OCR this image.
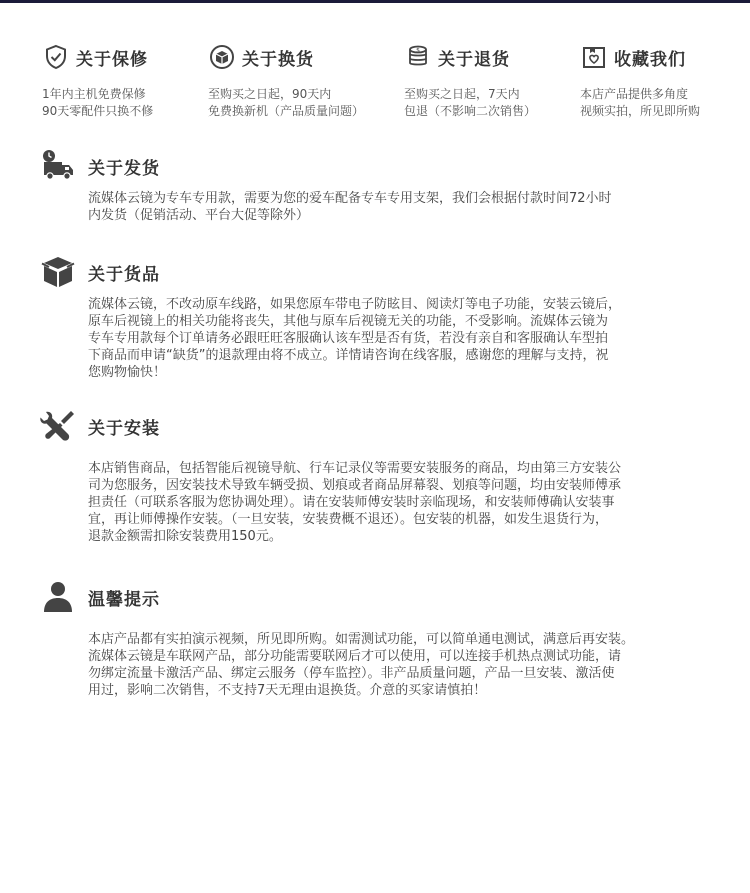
关于保修
1年内主机免费保修
90天零配件只换不修
关于换货
至购买之日起，90天内
免费换新机（产品质量问题）
$ 关于退货
至购买之日起，7天内
包退（不影响二次销售）
收藏我们
本店产品提供多角度
视频实拍，所见即所购
关于发货
流媒体云镜为专车专用款，需要为您的爱车配备专车专用支架，我们会根据付款时间72小时
内发货（促销活动、平台大促等除外）
关于货品
流媒体云镜，不改动原车线路，如果您原车带电子防眩目、阅读灯等电子功能，安装云镜后，
原车后视镜上的相关功能将丧失，其他与原车后视镜无关的功能，不受影响。流媒体云镜为
专车专用款每个订单请务必跟旺旺客服确认该车型是否有货，若没有亲自和客服确认车型拍
下商品而申请“缺货”的退款理由将不成立。详情请咨询在线客服，感谢您的理解与支持，祝
您购物愉快！
关于安装
本店销售商品，包括智能后视镜导航、行车记录仪等需要安装服务的商品，均由第三方安装公
司为您服务，因安装技术导致车辆受损、划痕或者商品屏幕裂、划痕等问题，均由安装师傅承
担责任（可联系客服为您协调处理）。请在安装师傅安装时亲临现场，和安装师傅确认安装事
宜，再让师傅操作安装。（一旦安装，安装费概不退还）。包安装的机器，如发生退货行为，
退款金额需扣除安装费用150元。
温馨提示
本店产品都有实拍演示视频，所见即所购。如需测试功能，可以简单通电测试，满意后再安装。
流媒体云镜是车联网产品，部分功能需要联网后才可以使用，可以连接手机热点测试功能，请
勿绑定流量卡激活产品、绑定云服务（停车监控）。非产品质量问题，产品一旦安装、激活使
用过，影响二次销售，不支持7天无理由退换货。介意的买家请慎拍！
